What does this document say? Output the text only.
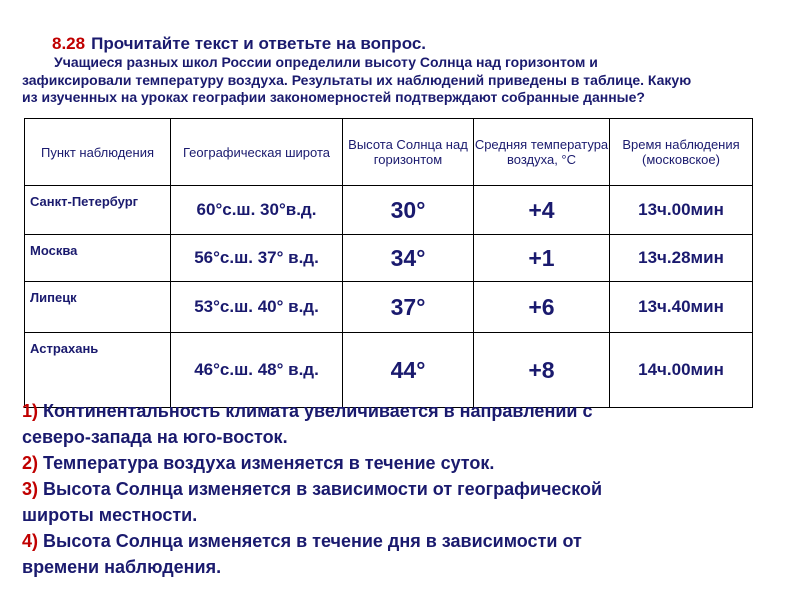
8.28 Прочитайте текст и ответьте на вопрос.
Учащиеся разных школ России определили высоту Солнца над горизонтом и
зафиксировали температуру воздуха. Результаты их наблюдений приведены в таблице. Какую
из изученных на уроках географии закономерностей подтверждают собранные данные?
Пункт наблюдения	Географическая широта	Высота Солнца над горизонтом	Средняя температура воздуха, °С	Время наблюдения (московское)
Санкт-Петербург	60°с.ш. 30°в.д.	30°	+4	13ч.00мин
Москва	56°с.ш. 37° в.д.	34°	+1	13ч.28мин
Липецк	53°с.ш. 40° в.д.	37°	+6	13ч.40мин
Астрахань	46°с.ш. 48° в.д.	44°	+8	14ч.00мин
1) Континентальность климата увеличивается в направлении с
северо-запада на юго-восток.
2) Температура воздуха изменяется в течение суток.
3) Высота Солнца изменяется в зависимости от географической
широты местности.
4) Высота Солнца изменяется в течение дня в зависимости от
времени наблюдения.
